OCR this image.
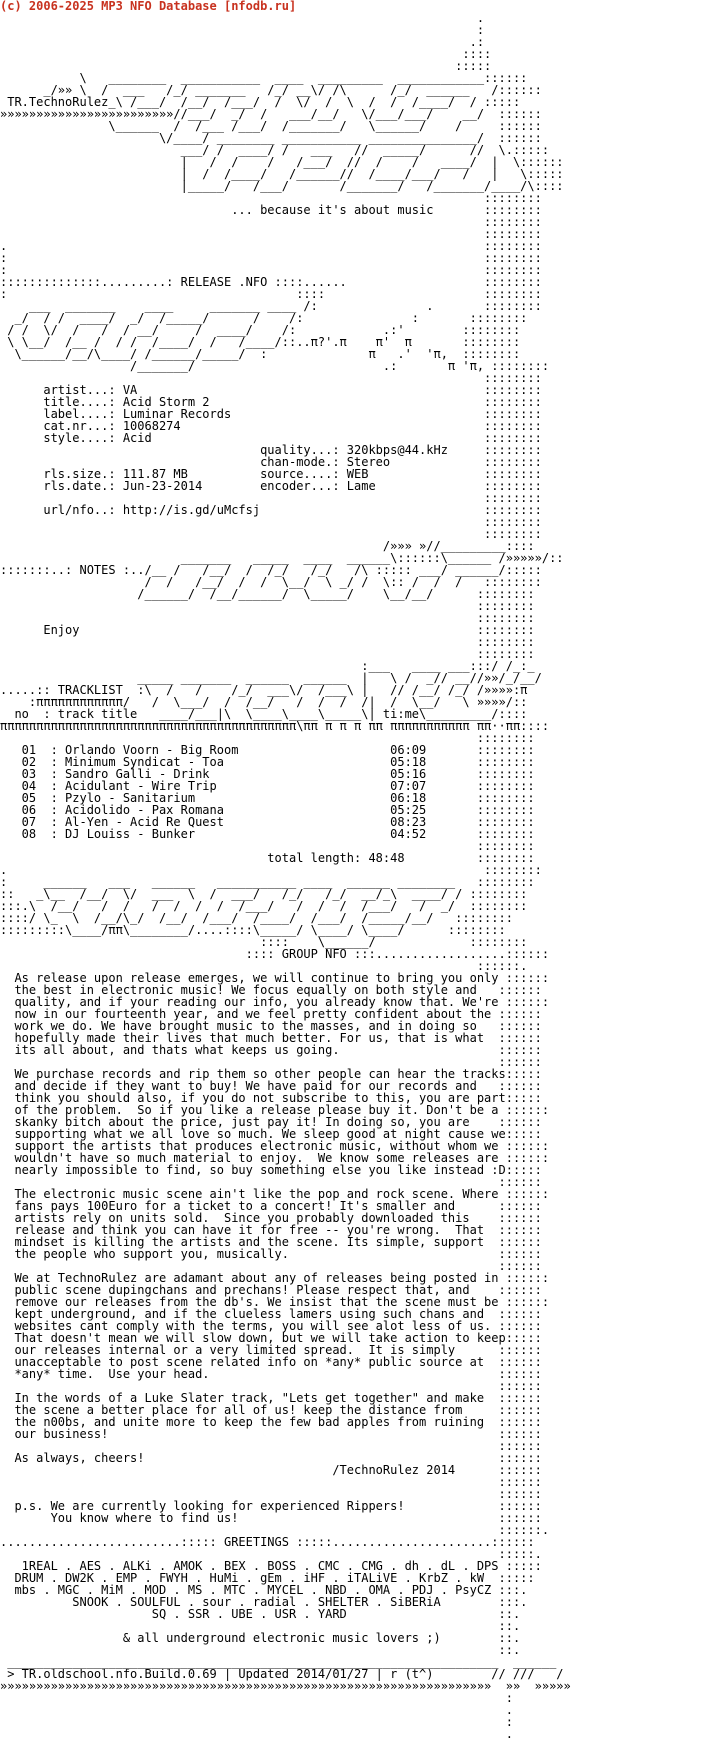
(c) 2006-2025 MP3 NFO Database [nfodb.ru]
.
:
.:
::::
:::::
\   ________  ___________  ____  _________  ____________::::::
_/»» \  /  ___   /_/ _______   /_/ __\/ /\      /_/  ______   /::::::
TR.TechnoRulez_\ /___/  /__/  /___/  /  \/  /  \  /  /  /____/  / :::::
»»»»»»»»»»»»»»»»»»»»»»»»//___/  _/  /   ___/__/   \/___/___/    __/  ::::::
\______  /  /___ /___/  /_______/   \______/    /     ::::::
\/____/ ________ ___________ _______________/  ::::::
___/ /  ____/ /   ___   //  _____/      //  \.:::::
|   /  /    /   /___/  //  /    /   ____/  |  \::::::
|  /  /____/   /______//  /____/___/   /   |   \:::::
|_____/   /___/       /_______/   /_______/____/\::::
::::::::
... because it's about music       ::::::::
::::::::
::::::::
.                                                                  ::::::::
:                                                                  ::::::::
:                                                                  ::::::::
::::::::::::::.........: RELEASE .NFO ::::......                   ::::::::
:                                        ::::                      ::::::::
___  _______    ____     _______ ____ /:               .       ::::::::
_/  / /  ____/  _/  /_____/      /    /:               :       ::::::::
/ /  \/  /   /  / __/     /  ____/    /:            .:'        ::::::::
\ \__/  /__ /  / /  /____/  /   /____/::..π?'.π    π'  π       ::::::::
\______/__/\____/ /______/_____/  :              π   .'  'π,  ::::::::
/_______/                          .:       π 'π, ::::::::
::::::::
artist...: VA                                                ::::::::
title....: Acid Storm 2                                      ::::::::
label....: Luminar Records                                   ::::::::
cat.nr...: 10068274                                          ::::::::
style....: Acid                                              ::::::::
quality...: 320kbps@44.kHz     ::::::::
chan-mode.: Stereo             ::::::::
rls.size.: 111.87 MB          source....: WEB                ::::::::
rls.date.: Jun-23-2014        encoder...: Lame               ::::::::
::::::::
url/nfo..: http://is.gd/uMcfsj                               ::::::::
::::::::
::::::::
/»»» »//_________::::
_______   _____  ____  ______\::::::\______ /»»»»»/::
:::::::..: NOTES :../__ /   /__/  /  /_/   /_/   /\ ::::: ___/ ______/:::::
/  /   /__/  /  /  \__/  \ _/ /  \:: /  /  /   ::::::::
/______/  /__/______/  \_____/    \__/__/      ::::::::
::::::::
::::::::
Enjoy                                                       ::::::::
::::::::
::::::::
:___   ____ ___:::/ /_:_
_____ _______  ______  ______  |   \ /  _// __//»»/_/__/
.....:: TRACKLIST  :\  /   /    /_/  ___\/  /___\ |   // /__/ /_/ /»»»»:π
:ππππππππππππ/   /  \___/  /  /__/   /  /  /  /|  /  \__/   \ »»»»/::
no  : track title   ____/___|\  \____\____\_____\| ti:me\_________/::::
πππππππππππππππππππππππππππππππππππππππππ\ππ π π π ππ πππππππππππ ππ··ππ::::
::::::::
01  : Orlando Voorn - Big Room                     06:09       ::::::::
02  : Minimum Syndicat - Toa                       05:18       ::::::::
03  : Sandro Galli - Drink                         05:16       ::::::::
04  : Acidulant - Wire Trip                        07:07       ::::::::
05  : Pzylo - Sanitarium                           06:18       ::::::::
06  : Acidolido - Pax Romana                       05:25       ::::::::
07  : Al-Yen - Acid Re Quest                       08:23       ::::::::
08  : DJ Louiss - Bunker                           04:52       ::::::::
::::::::
total length: 48:48          ::::::::
.                                                                  ::::::::
:     ______   ___   ______   ___________ ____  ______ ________   ::::::::
::   _\__  /__/  \/  ___  \  /  ___/   /_/   /_/  __/_\  ____/ / ::::::::
:::.\  /__/   /  /   /  /  /  /  /___/   /  /  /  /___/   /  _/  ::::::::
::::/ \_  \  /__/\_/  /__/  /___/  /____/  /___/  /_____/__/   ::::::::
:::::::::\____/ππ\________/....::::\_____/ \____/ \____/      ::::::::
::::    \______/             ::::::::
:::: GROUP NFO :::..................::::::
::::::.
As release upon release emerges, we will continue to bring you only ::::::
the best in electronic music! We focus equally on both style and   ::::::
quality, and if your reading our info, you already know that. We're ::::::
now in our fourteenth year, and we feel pretty confident about the ::::::
work we do. We have brought music to the masses, and in doing so   ::::::
hopefully made their lives that much better. For us, that is what  ::::::
its all about, and thats what keeps us going.                      ::::::
::::::
We purchase records and rip them so other people can hear the tracks:::::
and decide if they want to buy! We have paid for our records and   ::::::
think you should also, if you do not subscribe to this, you are part:::::
of the problem.  So if you like a release please buy it. Don't be a ::::::
skanky bitch about the price, just pay it! In doing so, you are    ::::::
supporting what we all love so much. We sleep good at night cause we:::::
support the artists that produces electronic music, without whom we ::::::
wouldn't have so much material to enjoy.  We know some releases are ::::::
nearly impossible to find, so buy something else you like instead :D:::::
::::::
The electronic music scene ain't like the pop and rock scene. Where ::::::
fans pays 100Euro for a ticket to a concert! It's smaller and      ::::::
artists rely on units sold.  Since you probably downloaded this    ::::::
release and think you can have it for free -- you're wrong.  That  ::::::
mindset is killing the artists and the scene. Its simple, support  ::::::
the people who support you, musically.                             ::::::
::::::
We at TechnoRulez are adamant about any of releases being posted in ::::::
public scene dupingchans and prechans! Please respect that, and    ::::::
remove our releases from the db's. We insist that the scene must be ::::::
kept underground, and if the clueless lamers using such chans and  ::::::
websites cant comply with the terms, you will see alot less of us. ::::::
That doesn't mean we will slow down, but we will take action to keep:::::
our releases internal or a very limited spread.  It is simply      ::::::
unacceptable to post scene related info on *any* public source at  ::::::
*any* time.  Use your head.                                        ::::::
::::::
In the words of a Luke Slater track, "Lets get together" and make  ::::::
the scene a better place for all of us! keep the distance from     ::::::
the n00bs, and unite more to keep the few bad apples from ruining  ::::::
our business!                                                      ::::::
::::::
As always, cheers!                                                 ::::::
/TechnoRulez 2014      ::::::
::::::
::::::
p.s. We are currently looking for experienced Rippers!             ::::::
You know where to find us!                                    ::::::
::::::.
.........................::::: GREETINGS :::::......................::::::
:::::.
1REAL . AES . ALKi . AMOK . BEX . BOSS . CMC . CMG . dh . dL . DPS :::::
DRUM . DW2K . EMP . FWYH . HuMi . gEm . iHF . iTALiVE . KrbZ . kW  :::::
mbs . MGC . MiM . MOD . MS . MTC . MYCEL . NBD . OMA . PDJ . PsyCZ :::.
SNOOK . SOULFUL . sour . radial . SHELTER . SiBERiA        :::.
SQ . SSR . UBE . USR . YARD                     ::.
::.
& all underground electronic music lovers ;)        ::.
::.
____________________________________________________________________  ______
> TR.oldschool.nfo.Build.0.69 | Updated 2014/01/27 | r (t^)        // ///   /
»»»»»»»»»»»»»»»»»»»»»»»»»»»»»»»»»»»»»»»»»»»»»»»»»»»»»»»»»»»»»»»»»»»»  »»  »»»»»
:
.
:
.
